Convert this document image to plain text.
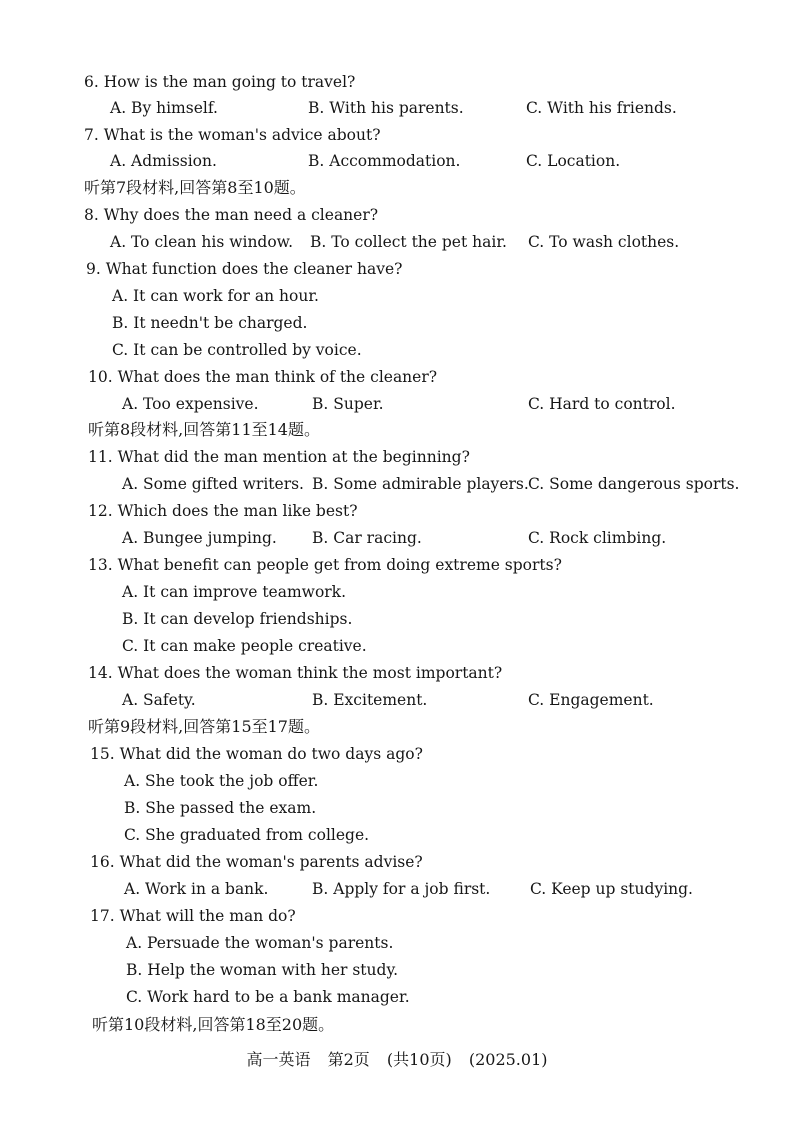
6. How is the man going to travel?
A. By himself.	B. With his parents.	C. With his friends.
7. What is the woman's advice about?
A. Admission.	B. Accommodation.	C. Location.
听第7段材料,回答第8至10题。
8. Why does the man need a cleaner?
A. To clean his window. B. To collect the pet hair. C. To wash clothes.
9. What function does the cleaner have?
A. It can work for an hour.
B. It needn't be charged.
C. It can be controlled by voice.
10. What does the man think of the cleaner?
A. Too expensive.	B. Super.	C. Hard to control.
听第8段材料,回答第11至14题。
11. What did the man mention at the beginning?
A. Some gifted writers. B. Some admirable players. C. Some dangerous sports.
12. Which does the man like best?
A. Bungee jumping. B. Car racing.	C. Rock climbing.
13. What benefit can people get from doing extreme sports?
A. It can improve teamwork.
B. It can develop friendships.
C. It can make people creative.
14. What does the woman think the most important?
A. Safety.	B. Excitement.	C. Engagement.
听第9段材料,回答第15至17题。
15. What did the woman do two days ago?
A. She took the job offer.
B. She passed the exam.
C. She graduated from college.
16. What did the woman's parents advise?
A. Work in a bank.	B. Apply for a job first.	C. Keep up studying.
17. What will the man do?
A. Persuade the woman's parents.
B. Help the woman with her study.
C. Work hard to be a bank manager.
听第10段材料,回答第18至20题。
高一英语 第2页 (共10页) (2025.01)
